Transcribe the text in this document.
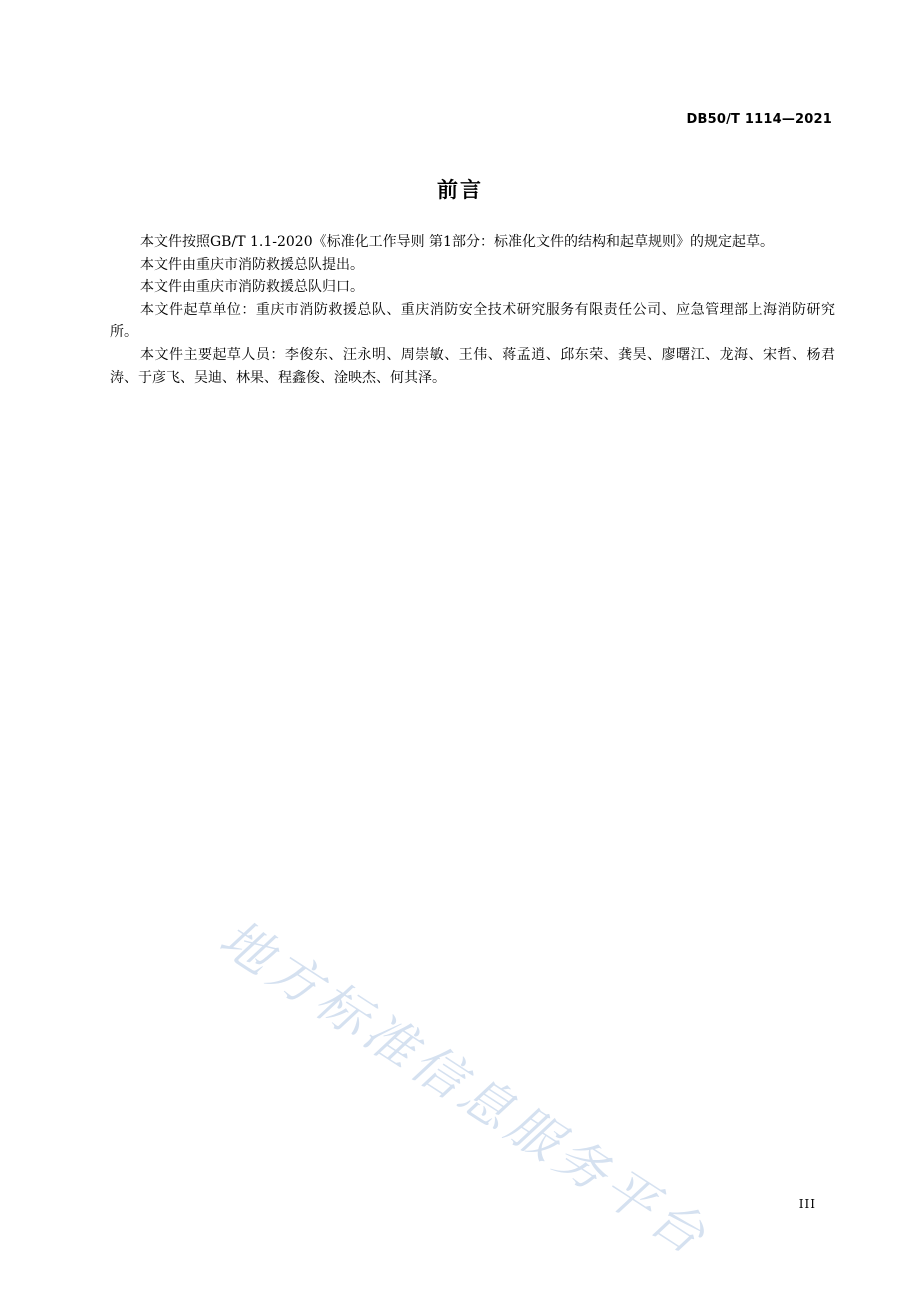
DB50/T 1114—2021
前言

本文件按照GB/T 1.1-2020《标准化工作导则 第1部分：标准化文件的结构和起草规则》的规定起草。

本文件由重庆市消防救援总队提出。

本文件由重庆市消防救援总队归口。

本文件起草单位：重庆市消防救援总队、重庆消防安全技术研究服务有限责任公司、应急管理部上海消防研究所。

本文件主要起草人员：李俊东、汪永明、周崇敏、王伟、蒋孟逍、邱东荣、龚昊、廖曙江、龙海、宋哲、杨君涛、于彦飞、吴迪、林果、程鑫俊、淦映杰、何其泽。

地方标准信息服务平台	III
